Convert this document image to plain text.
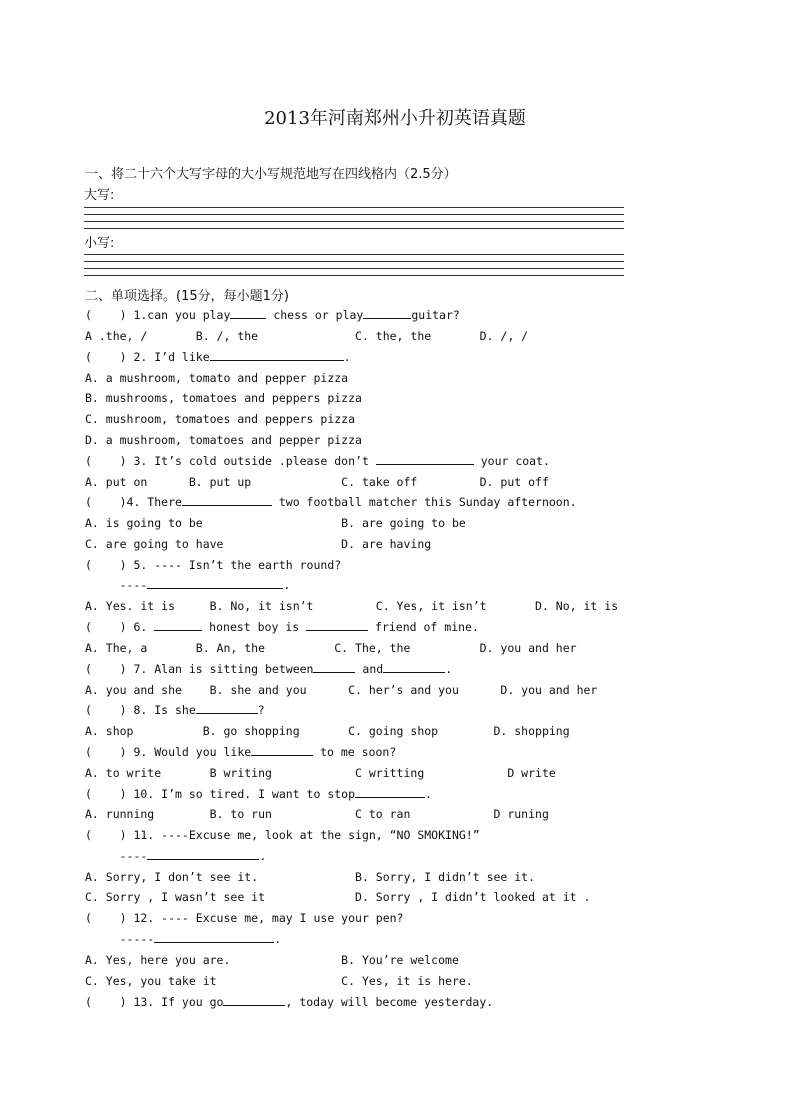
2013年河南郑州小升初英语真题
一、将二十六个大写字母的大小写规范地写在四线格内（2.5分）
大写:
小写:
二、单项选择。(15分，每小题1分)
(    ) 1.can you play	chess or play	guitar?
A .the, /       B. /, the              C. the, the       D. /, /
(    ) 2. I’d like	.
A. a mushroom, tomato and pepper pizza
B. mushrooms, tomatoes and peppers pizza
C. mushroom, tomatoes and peppers pizza
D. a mushroom, tomatoes and pepper pizza
(    ) 3. It’s cold outside .please don’t	your coat.
A. put on      B. put up             C. take off         D. put off
(    )4. There	two football matcher this Sunday afternoon.
A. is going to be                    B. are going to be
C. are going to have                 D. are having
(    ) 5. ---- Isn’t the earth round?
----	.
A. Yes. it is     B. No, it isn’t         C. Yes, it isn’t       D. No, it is
(    ) 6.	honest boy is	friend of mine.
A. The, a       B. An, the          C. The, the          D. you and her
(    ) 7. Alan is sitting between	and	.
A. you and she    B. she and you      C. her’s and you      D. you and her
(    ) 8. Is she	?
A. shop          B. go shopping       C. going shop        D. shopping
(    ) 9. Would you like	to me soon?
A. to write       B writing            C writting            D write
(    ) 10. I’m so tired. I want to stop	.
A. running        B. to run            C to ran            D runing
(    ) 11. ----Excuse me, look at the sign, “NO SMOKING!”
----	.
A. Sorry, I don’t see it.              B. Sorry, I didn’t see it.
C. Sorry , I wasn’t see it             D. Sorry , I didn’t looked at it .
(    ) 12. ---- Excuse me, may I use your pen?
-----	.
A. Yes, here you are.                B. You’re welcome
C. Yes, you take it                  C. Yes, it is here.
(    ) 13. If you go	, today will become yesterday.
